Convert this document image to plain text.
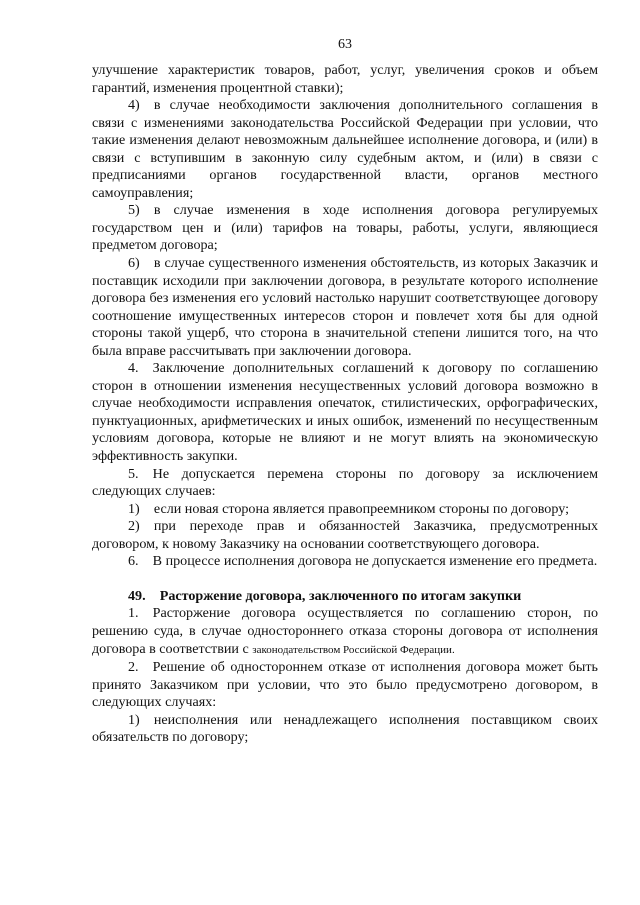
63

улучшение характеристик товаров, работ, услуг, увеличения сроков и объем гарантий, изменения процентной ставки);

4) в случае необходимости заключения дополнительного соглашения в связи с изменениями законодательства Российской Федерации при условии, что такие изменения делают невозможным дальнейшее исполнение договора, и (или) в связи с вступившим в законную силу судебным актом, и (или) в связи с предписаниями органов государственной власти, органов местного самоуправления;

5) в случае изменения в ходе исполнения договора регулируемых государством цен и (или) тарифов на товары, работы, услуги, являющиеся предметом договора;

6) в случае существенного изменения обстоятельств, из которых Заказчик и поставщик исходили при заключении договора, в результате которого исполнение договора без изменения его условий настолько нарушит соответствующее договору соотношение имущественных интересов сторон и повлечет хотя бы для одной стороны такой ущерб, что сторона в значительной степени лишится того, на что была вправе рассчитывать при заключении договора.

4. Заключение дополнительных соглашений к договору по соглашению сторон в отношении изменения несущественных условий договора возможно в случае необходимости исправления опечаток, стилистических, орфографических, пунктуационных, арифметических и иных ошибок, изменений по несущественным условиям договора, которые не влияют и не могут влиять на экономическую эффективность закупки.

5. Не допускается перемена стороны по договору за исключением следующих случаев:

1) если новая сторона является правопреемником стороны по договору;

2) при переходе прав и обязанностей Заказчика, предусмотренных договором, к новому Заказчику на основании соответствующего договора.

6. В процессе исполнения договора не допускается изменение его предмета.

49.  Расторжение договора, заключенного по итогам закупки

1. Расторжение договора осуществляется по соглашению сторон, по решению суда, в случае одностороннего отказа стороны договора от исполнения договора в соответствии с законодательством Российской Федерации.

2. Решение об одностороннем отказе от исполнения договора может быть принято Заказчиком при условии, что это было предусмотрено договором, в следующих случаях:

1) неисполнения или ненадлежащего исполнения поставщиком своих обязательств по договору;
